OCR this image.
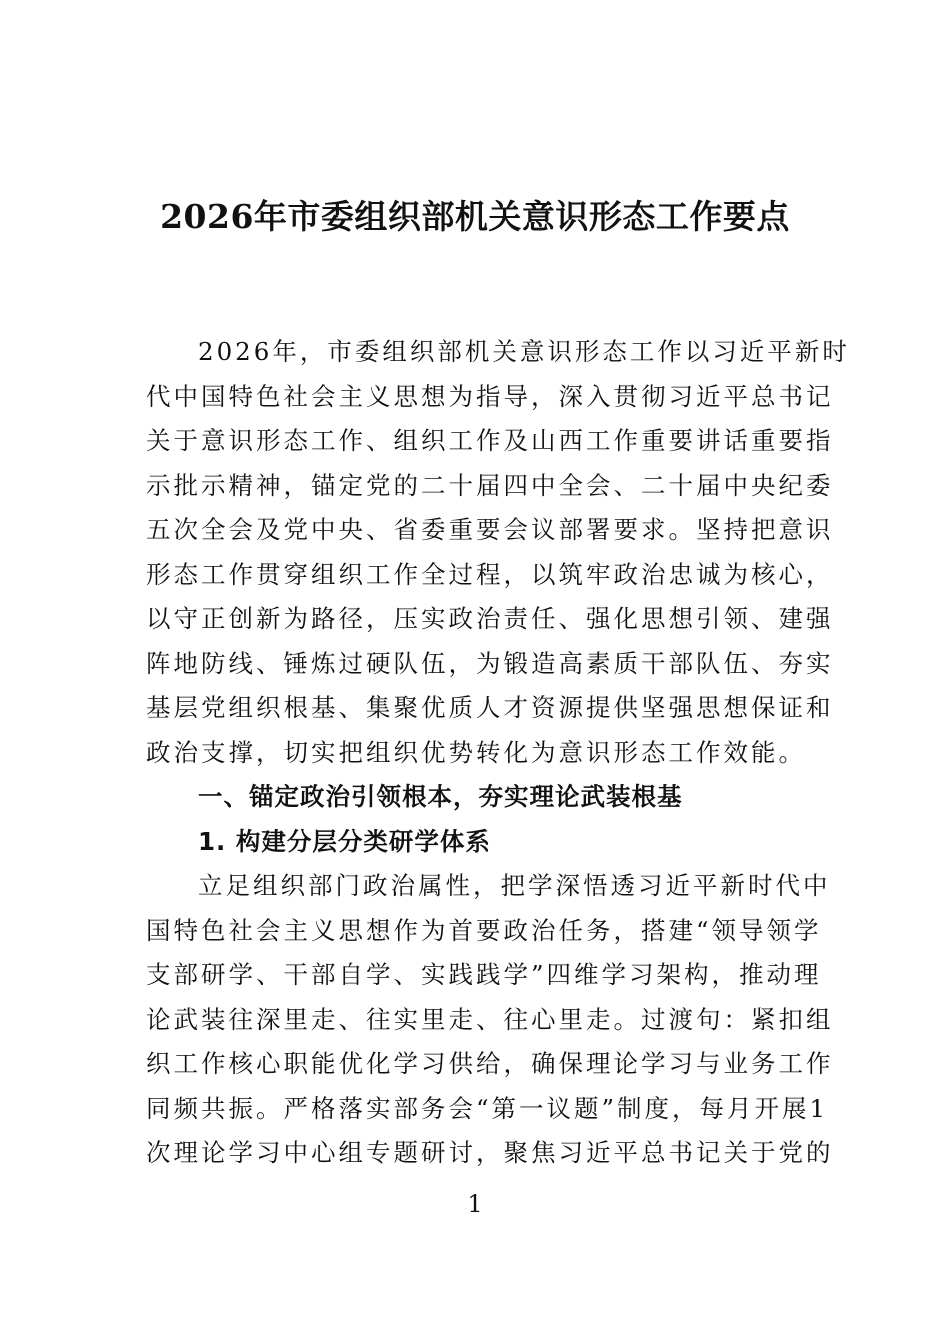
2026年市委组织部机关意识形态工作要点
2026年，市委组织部机关意识形态工作以习近平新时
代中国特色社会主义思想为指导，深入贯彻习近平总书记
关于意识形态工作、组织工作及山西工作重要讲话重要指
示批示精神，锚定党的二十届四中全会、二十届中央纪委
五次全会及党中央、省委重要会议部署要求。坚持把意识
形态工作贯穿组织工作全过程，以筑牢政治忠诚为核心，
以守正创新为路径，压实政治责任、强化思想引领、建强
阵地防线、锤炼过硬队伍，为锻造高素质干部队伍、夯实
基层党组织根基、集聚优质人才资源提供坚强思想保证和
政治支撑，切实把组织优势转化为意识形态工作效能。
一、锚定政治引领根本，夯实理论武装根基
1. 构建分层分类研学体系
立足组织部门政治属性，把学深悟透习近平新时代中
国特色社会主义思想作为首要政治任务，搭建“领导领学
支部研学、干部自学、实践践学”四维学习架构，推动理
论武装往深里走、往实里走、往心里走。过渡句：紧扣组
织工作核心职能优化学习供给，确保理论学习与业务工作
同频共振。严格落实部务会“第一议题”制度，每月开展1
次理论学习中心组专题研讨，聚焦习近平总书记关于党的
1
